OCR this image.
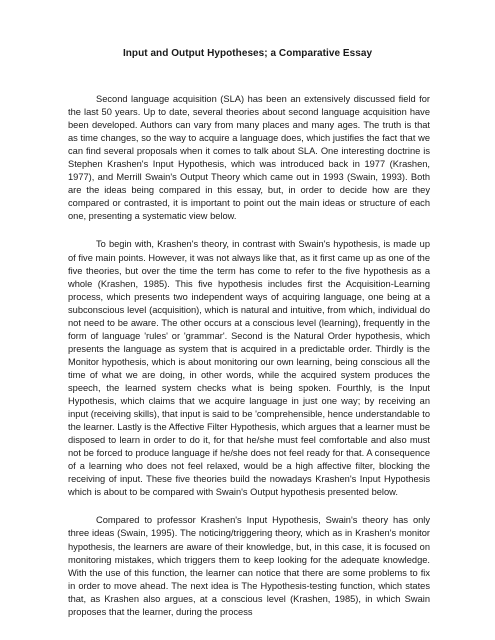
Input and Output Hypotheses; a Comparative Essay

Second language acquisition (SLA) has been an extensively discussed field for the last 50 years. Up to date, several theories about second language acquisition have been developed. Authors can vary from many places and many ages. The truth is that as time changes, so the way to acquire a language does, which justifies the fact that we can find several proposals when it comes to talk about SLA. One interesting doctrine is Stephen Krashen's Input Hypothesis, which was introduced back in 1977 (Krashen, 1977), and Merrill Swain's Output Theory which came out in 1993 (Swain, 1993). Both are the ideas being compared in this essay, but, in order to decide how are they compared or contrasted, it is important to point out the main ideas or structure of each one, presenting a systematic view below.

To begin with, Krashen's theory, in contrast with Swain's hypothesis, is made up of five main points. However, it was not always like that, as it first came up as one of the five theories, but over the time the term has come to refer to the five hypothesis as a whole (Krashen, 1985). This five hypothesis includes first the Acquisition-Learning process, which presents two independent ways of acquiring language, one being at a subconscious level (acquisition), which is natural and intuitive, from which, individual do not need to be aware. The other occurs at a conscious level (learning), frequently in the form of language 'rules' or 'grammar'. Second is the Natural Order hypothesis, which presents the language as system that is acquired in a predictable order. Thirdly is the Monitor hypothesis, which is about monitoring our own learning, being conscious all the time of what we are doing, in other words, while the acquired system produces the speech, the learned system checks what is being spoken. Fourthly, is the Input Hypothesis, which claims that we acquire language in just one way; by receiving an input (receiving skills), that input is said to be 'comprehensible, hence understandable to the learner. Lastly is the Affective Filter Hypothesis, which argues that a learner must be disposed to learn in order to do it, for that he/she must feel comfortable and also must not be forced to produce language if he/she does not feel ready for that. A consequence of a learning who does not feel relaxed, would be a high affective filter, blocking the receiving of input. These five theories build the nowadays Krashen's Input Hypothesis which is about to be compared with Swain's Output hypothesis presented below.

Compared to professor Krashen's Input Hypothesis, Swain's theory has only three ideas (Swain, 1995). The noticing/triggering theory, which as in Krashen's monitor hypothesis, the learners are aware of their knowledge, but, in this case, it is focused on monitoring mistakes, which triggers them to keep looking for the adequate knowledge. With the use of this function, the learner can notice that there are some problems to fix in order to move ahead. The next idea is The Hypothesis-testing function, which states that, as Krashen also argues, at a conscious level (Krashen, 1985), in which Swain proposes that the learner, during the process
